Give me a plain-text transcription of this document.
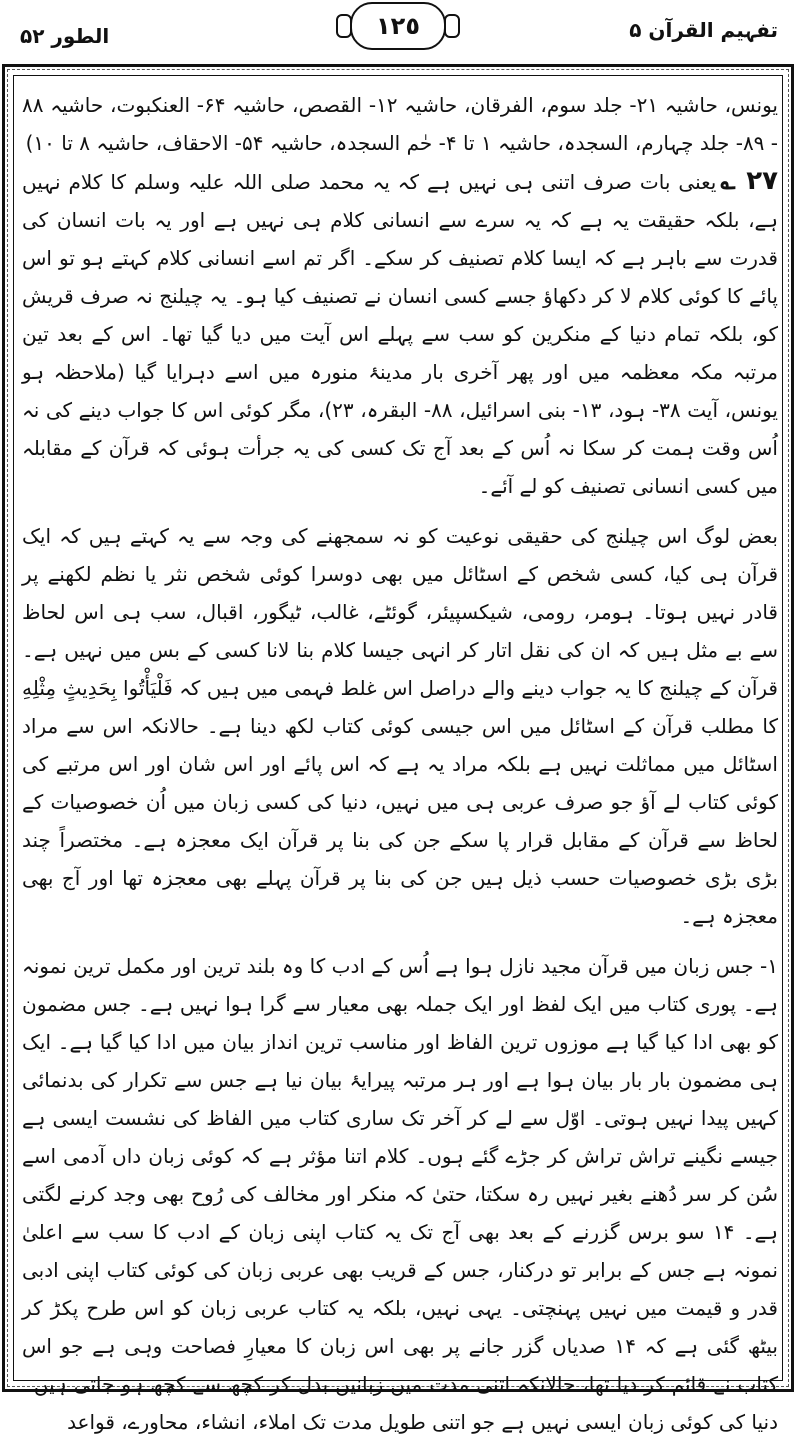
الطور ۵۲	١٢٥	تفہیم القرآن ۵

یونس، حاشیہ ۲۱- جلد سوم، الفرقان، حاشیہ ۱۲- القصص، حاشیہ ۶۴- العنکبوت، حاشیہ ۸۸ - ۸۹- جلد چہارم، السجدہ، حاشیہ ۱ تا ۴- حٰم السجدہ، حاشیہ ۵۴- الاحقاف، حاشیہ ۸ تا ۱۰)

۲۷ ؎یعنی بات صرف اتنی ہی نہیں ہے کہ یہ محمد صلی اللہ علیہ وسلم کا کلام نہیں ہے، بلکہ حقیقت یہ ہے کہ یہ سرے سے انسانی کلام ہی نہیں ہے اور یہ بات انسان کی قدرت سے باہر ہے کہ ایسا کلام تصنیف کر سکے۔ اگر تم اسے انسانی کلام کہتے ہو تو اس پائے کا کوئی کلام لا کر دکھاؤ جسے کسی انسان نے تصنیف کیا ہو۔ یہ چیلنج نہ صرف قریش کو، بلکہ تمام دنیا کے منکرین کو سب سے پہلے اس آیت میں دیا گیا تھا۔ اس کے بعد تین مرتبہ مکہ معظمہ میں اور پھر آخری بار مدینۂ منورہ میں اسے دہرایا گیا (ملاحظہ ہو یونس، آیت ۳۸- ہود، ۱۳- بنی اسرائیل، ۸۸- البقرہ، ۲۳)، مگر کوئی اس کا جواب دینے کی نہ اُس وقت ہمت کر سکا نہ اُس کے بعد آج تک کسی کی یہ جرأت ہوئی کہ قرآن کے مقابلہ میں کسی انسانی تصنیف کو لے آئے۔

بعض لوگ اس چیلنج کی حقیقی نوعیت کو نہ سمجھنے کی وجہ سے یہ کہتے ہیں کہ ایک قرآن ہی کیا، کسی شخص کے اسٹائل میں بھی دوسرا کوئی شخص نثر یا نظم لکھنے پر قادر نہیں ہوتا۔ ہومر، رومی، شیکسپیئر، گوئٹے، غالب، ٹیگور، اقبال، سب ہی اس لحاظ سے بے مثل ہیں کہ ان کی نقل اتار کر انہی جیسا کلام بنا لانا کسی کے بس میں نہیں ہے۔ قرآن کے چیلنج کا یہ جواب دینے والے دراصل اس غلط فہمی میں ہیں کہ فَلْيَأْتُوا بِحَدِيثٍ مِثْلِهِ کا مطلب قرآن کے اسٹائل میں اس جیسی کوئی کتاب لکھ دینا ہے۔ حالانکہ اس سے مراد اسٹائل میں مماثلت نہیں ہے بلکہ مراد یہ ہے کہ اس پائے اور اس شان اور اس مرتبے کی کوئی کتاب لے آؤ جو صرف عربی ہی میں نہیں، دنیا کی کسی زبان میں اُن خصوصیات کے لحاظ سے قرآن کے مقابل قرار پا سکے جن کی بنا پر قرآن ایک معجزہ ہے۔ مختصراً چند بڑی بڑی خصوصیات حسب ذیل ہیں جن کی بنا پر قرآن پہلے بھی معجزہ تھا اور آج بھی معجزہ ہے۔

۱- جس زبان میں قرآن مجید نازل ہوا ہے اُس کے ادب کا وہ بلند ترین اور مکمل ترین نمونہ ہے۔ پوری کتاب میں ایک لفظ اور ایک جملہ بھی معیار سے گرا ہوا نہیں ہے۔ جس مضمون کو بھی ادا کیا گیا ہے موزوں ترین الفاظ اور مناسب ترین انداز بیان میں ادا کیا گیا ہے۔ ایک ہی مضمون بار بار بیان ہوا ہے اور ہر مرتبہ پیرایۂ بیان نیا ہے جس سے تکرار کی بدنمائی کہیں پیدا نہیں ہوتی۔ اوّل سے لے کر آخر تک ساری کتاب میں الفاظ کی نشست ایسی ہے جیسے نگینے تراش تراش کر جڑے گئے ہوں۔ کلام اتنا مؤثر ہے کہ کوئی زبان داں آدمی اسے سُن کر سر دُھنے بغیر نہیں رہ سکتا، حتیٰ کہ منکر اور مخالف کی رُوح بھی وجد کرنے لگتی ہے۔ ۱۴ سو برس گزرنے کے بعد بھی آج تک یہ کتاب اپنی زبان کے ادب کا سب سے اعلیٰ نمونہ ہے جس کے برابر تو درکنار، جس کے قریب بھی عربی زبان کی کوئی کتاب اپنی ادبی قدر و قیمت میں نہیں پہنچتی۔ یہی نہیں، بلکہ یہ کتاب عربی زبان کو اس طرح پکڑ کر بیٹھ گئی ہے کہ ۱۴ صدیاں گزر جانے پر بھی اس زبان کا معیارِ فصاحت وہی ہے جو اس کتاب نے قائم کر دیا تھا، حالانکہ اتنی مدت میں زبانیں بدل کر کچھ سے کچھ ہو جاتی ہیں۔ دنیا کی کوئی زبان ایسی نہیں ہے جو اتنی طویل مدت تک املاء، انشاء، محاورے، قواعد
